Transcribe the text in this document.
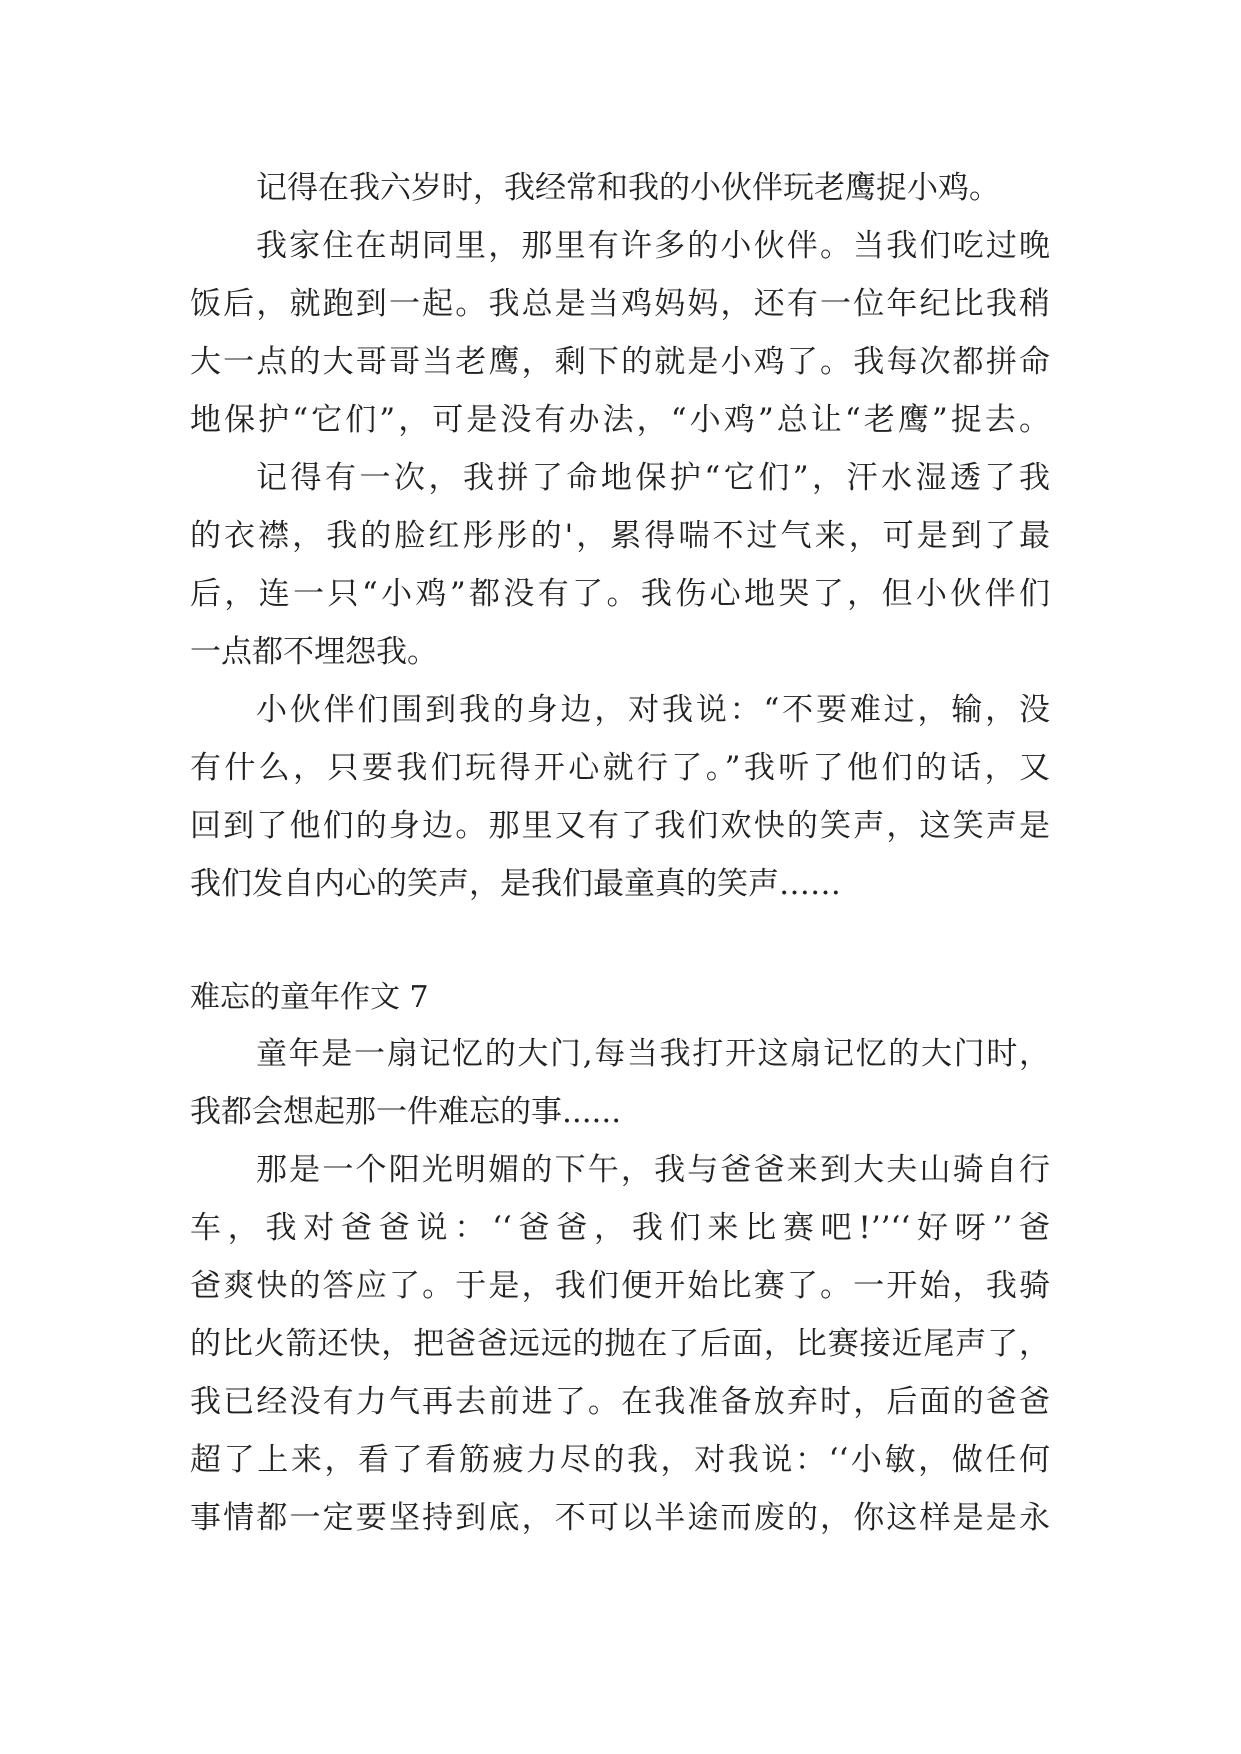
记得在我六岁时，我经常和我的小伙伴玩老鹰捉小鸡。

我家住在胡同里，那里有许多的小伙伴。当我们吃过晚

饭后，就跑到一起。我总是当鸡妈妈，还有一位年纪比我稍

大一点的大哥哥当老鹰，剩下的就是小鸡了。我每次都拼命

地保护“它们”，可是没有办法，“小鸡”总让“老鹰”捉去。

记得有一次，我拼了命地保护“它们”，汗水湿透了我

的衣襟，我的脸红彤彤的'，累得喘不过气来，可是到了最

后，连一只“小鸡”都没有了。我伤心地哭了，但小伙伴们

一点都不埋怨我。

小伙伴们围到我的身边，对我说：“不要难过，输，没

有什么，只要我们玩得开心就行了。”我听了他们的话，又

回到了他们的身边。那里又有了我们欢快的笑声，这笑声是

我们发自内心的笑声，是我们最童真的笑声……

难忘的童年作文 7

童年是一扇记忆的大门,每当我打开这扇记忆的大门时，

我都会想起那一件难忘的事......

那是一个阳光明媚的下午，我与爸爸来到大夫山骑自行

车，我对爸爸说：‘‘爸爸，我们来比赛吧!’’‘‘好呀’’爸

爸爽快的答应了。于是，我们便开始比赛了。一开始，我骑

的比火箭还快，把爸爸远远的抛在了后面，比赛接近尾声了，

我已经没有力气再去前进了。在我准备放弃时，后面的爸爸

超了上来，看了看筋疲力尽的我，对我说：‘‘小敏，做任何

事情都一定要坚持到底，不可以半途而废的，你这样是是永
